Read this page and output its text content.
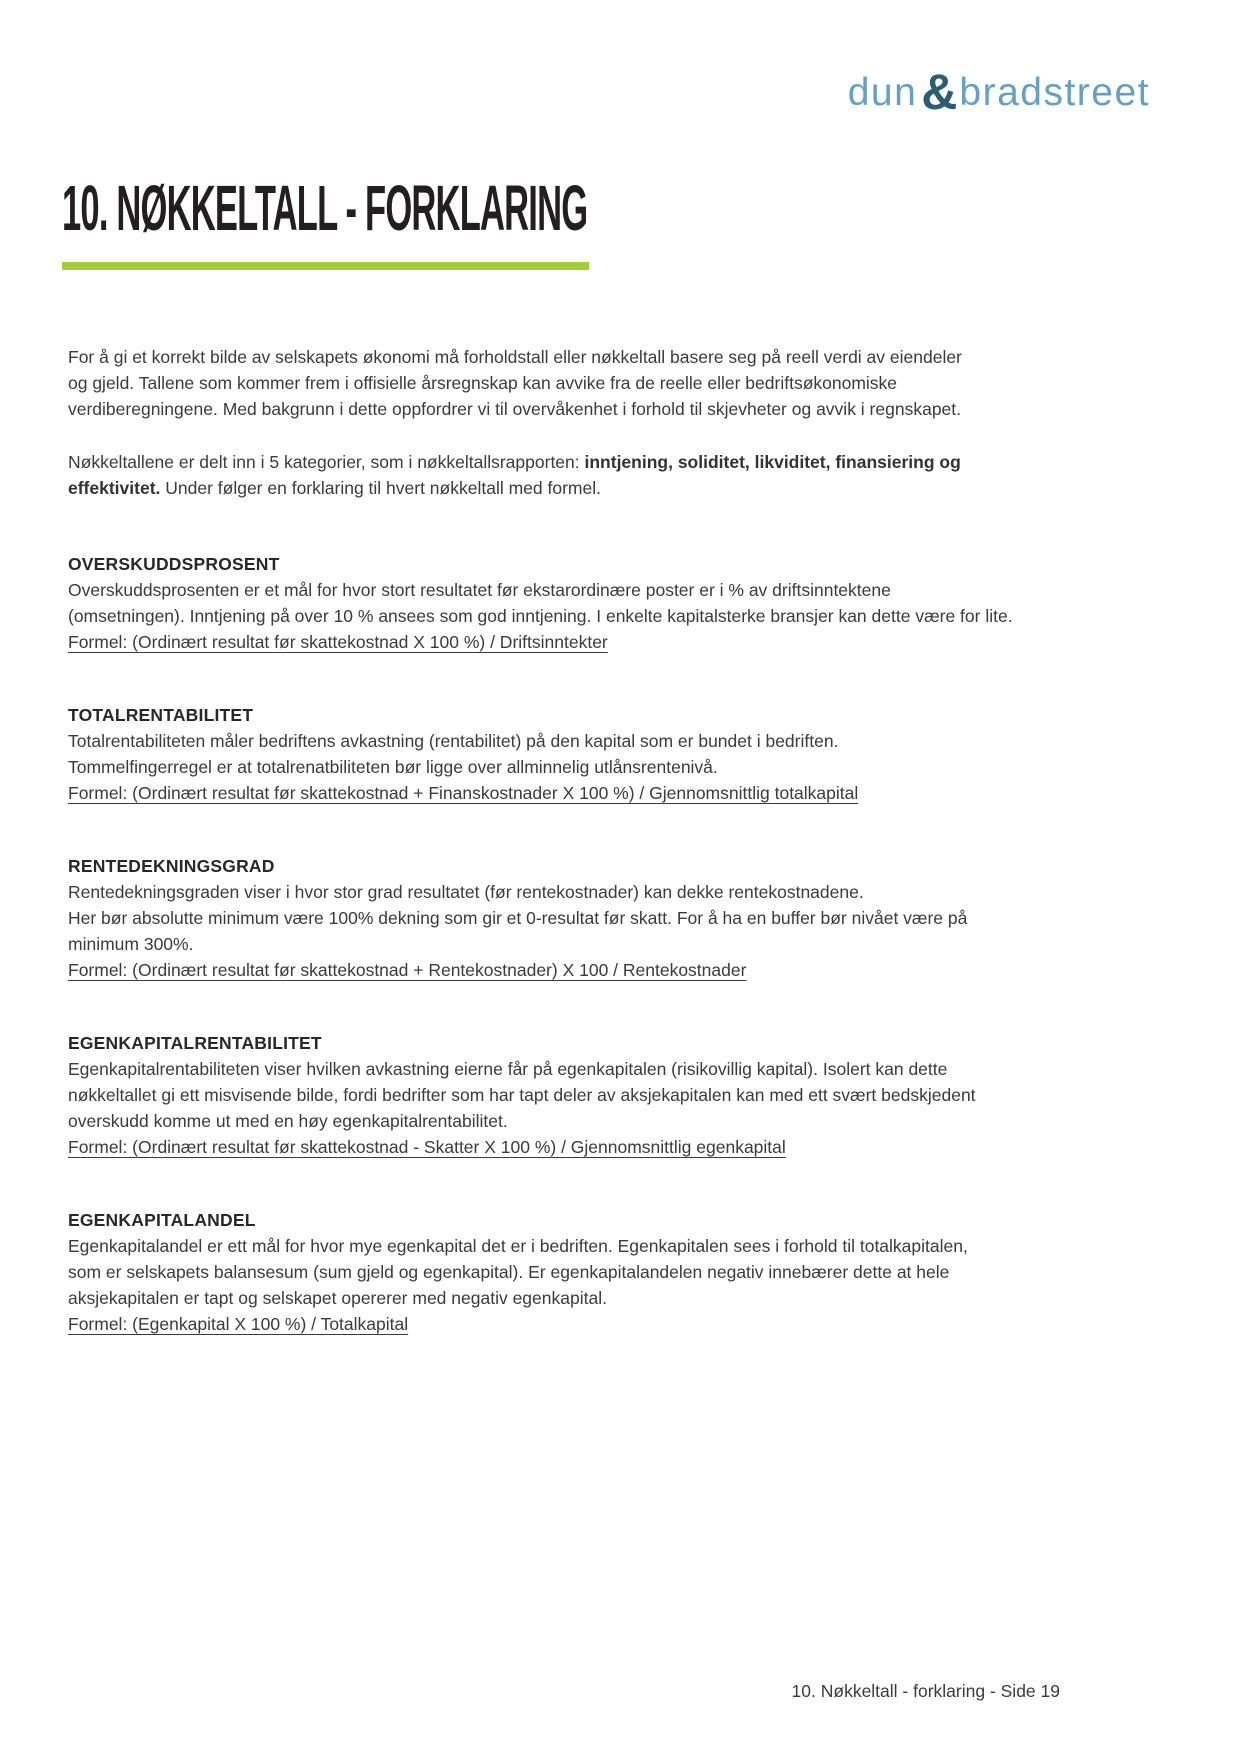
dun&bradstreet
10. NØKKELTALL - FORKLARING
For å gi et korrekt bilde av selskapets økonomi må forholdstall eller nøkkeltall basere seg på reell verdi av eiendeler
og gjeld. Tallene som kommer frem i offisielle årsregnskap kan avvike fra de reelle eller bedriftsøkonomiske
verdiberegningene. Med bakgrunn i dette oppfordrer vi til overvåkenhet i forhold til skjevheter og avvik i regnskapet.
Nøkkeltallene er delt inn i 5 kategorier, som i nøkkeltallsrapporten: inntjening, soliditet, likviditet, finansiering og
effektivitet. Under følger en forklaring til hvert nøkkeltall med formel.
OVERSKUDDSPROSENT
Overskuddsprosenten er et mål for hvor stort resultatet før ekstarordinære poster er i % av driftsinntektene
(omsetningen). Inntjening på over 10 % ansees som god inntjening. I enkelte kapitalsterke bransjer kan dette være for lite.
Formel: (Ordinært resultat før skattekostnad X 100 %) / Driftsinntekter
TOTALRENTABILITET
Totalrentabiliteten måler bedriftens avkastning (rentabilitet) på den kapital som er bundet i bedriften.
Tommelfingerregel er at totalrenatbiliteten bør ligge over allminnelig utlånsrentenivå.
Formel: (Ordinært resultat før skattekostnad + Finanskostnader X 100 %) / Gjennomsnittlig totalkapital
RENTEDEKNINGSGRAD
Rentedekningsgraden viser i hvor stor grad resultatet (før rentekostnader) kan dekke rentekostnadene.
Her bør absolutte minimum være 100% dekning som gir et 0-resultat før skatt. For å ha en buffer bør nivået være på
minimum 300%.
Formel: (Ordinært resultat før skattekostnad + Rentekostnader) X 100 / Rentekostnader
EGENKAPITALRENTABILITET
Egenkapitalrentabiliteten viser hvilken avkastning eierne får på egenkapitalen (risikovillig kapital). Isolert kan dette
nøkkeltallet gi ett misvisende bilde, fordi bedrifter som har tapt deler av aksjekapitalen kan med ett svært bedskjedent
overskudd komme ut med en høy egenkapitalrentabilitet.
Formel: (Ordinært resultat før skattekostnad - Skatter X 100 %) / Gjennomsnittlig egenkapital
EGENKAPITALANDEL
Egenkapitalandel er ett mål for hvor mye egenkapital det er i bedriften. Egenkapitalen sees i forhold til totalkapitalen,
som er selskapets balansesum (sum gjeld og egenkapital). Er egenkapitalandelen negativ innebærer dette at hele
aksjekapitalen er tapt og selskapet opererer med negativ egenkapital.
Formel: (Egenkapital X 100 %) / Totalkapital
10. Nøkkeltall - forklaring - Side 19
